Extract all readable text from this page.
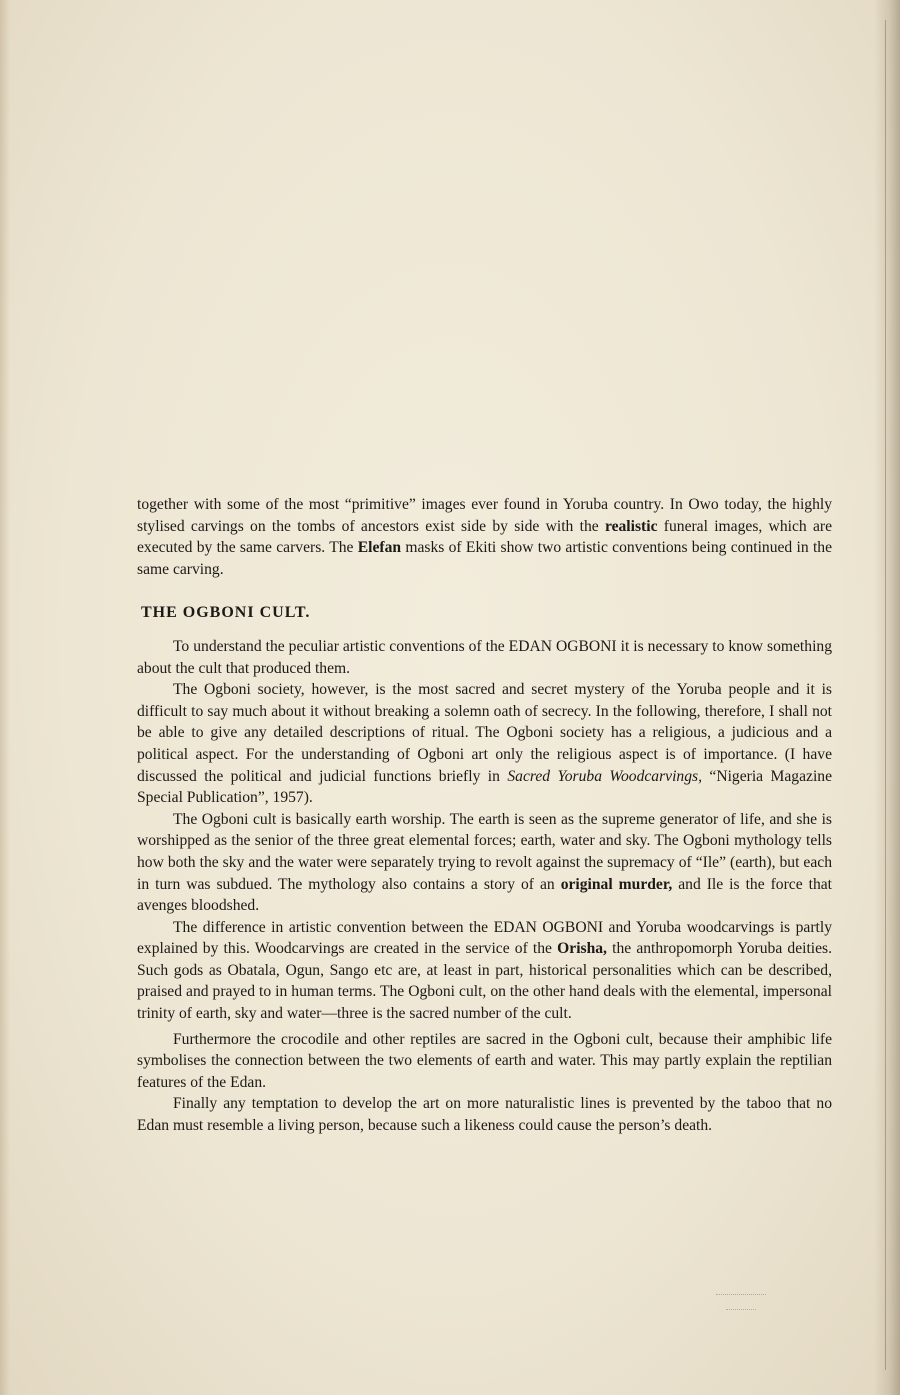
together with some of the most “primitive” images ever found in Yoruba country. In Owo today, the highly stylised carvings on the tombs of ancestors exist side by side with the realistic funeral images, which are executed by the same carvers. The Elefan masks of Ekiti show two artistic conventions being continued in the same carving.

THE OGBONI CULT.

To understand the peculiar artistic conventions of the EDAN OGBONI it is necessary to know something about the cult that produced them.

The Ogboni society, however, is the most sacred and secret mystery of the Yoruba people and it is difficult to say much about it without breaking a solemn oath of secrecy. In the following, therefore, I shall not be able to give any detailed descriptions of ritual. The Ogboni society has a religious, a judicious and a political aspect. For the understanding of Ogboni art only the religious aspect is of importance. (I have discussed the political and judicial functions briefly in Sacred Yoruba Woodcarvings, “Nigeria Magazine Special Publication”, 1957).

The Ogboni cult is basically earth worship. The earth is seen as the supreme generator of life, and she is worshipped as the senior of the three great elemental forces; earth, water and sky. The Ogboni mythology tells how both the sky and the water were separately trying to revolt against the supremacy of “Ile” (earth), but each in turn was subdued. The mythology also contains a story of an original murder, and Ile is the force that avenges bloodshed.

The difference in artistic convention between the EDAN OGBONI and Yoruba woodcarvings is partly explained by this. Woodcarvings are created in the service of the Orisha, the anthropomorph Yoruba deities. Such gods as Obatala, Ogun, Sango etc are, at least in part, historical personalities which can be described, praised and prayed to in human terms. The Ogboni cult, on the other hand deals with the elemental, impersonal trinity of earth, sky and water—three is the sacred number of the cult.

Furthermore the crocodile and other reptiles are sacred in the Ogboni cult, because their amphibic life symbolises the connection between the two elements of earth and water. This may partly explain the reptilian features of the Edan.

Finally any temptation to develop the art on more naturalistic lines is prevented by the taboo that no Edan must resemble a living person, because such a likeness could cause the person’s death.
